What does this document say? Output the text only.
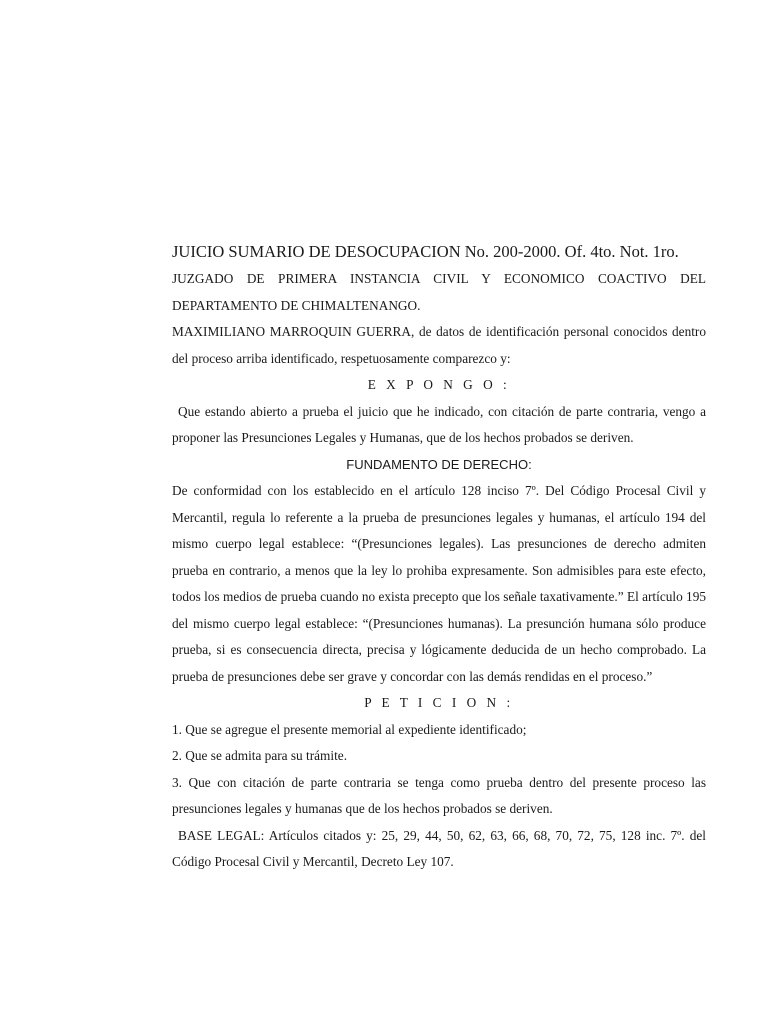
JUICIO SUMARIO DE DESOCUPACION No. 200-2000. Of. 4to. Not. 1ro.

JUZGADO DE PRIMERA INSTANCIA CIVIL Y ECONOMICO COACTIVO DEL DEPARTAMENTO DE CHIMALTENANGO.

MAXIMILIANO MARROQUIN GUERRA, de datos de identificación personal conocidos dentro del proceso arriba identificado, respetuosamente comparezco y:

E X P O N G O :

Que estando abierto a prueba el juicio que he indicado, con citación de parte contraria, vengo a proponer las Presunciones Legales y Humanas, que de los hechos probados se deriven.

FUNDAMENTO DE DERECHO:

De conformidad con los establecido en el artículo 128 inciso 7º. Del Código Procesal Civil y Mercantil, regula lo referente a la prueba de presunciones legales y humanas, el artículo 194 del mismo cuerpo legal establece: “(Presunciones legales). Las presunciones de derecho admiten prueba en contrario, a menos que la ley lo prohiba expresamente. Son admisibles para este efecto, todos los medios de prueba cuando no exista precepto que los señale taxativamente.” El artículo 195 del mismo cuerpo legal establece: “(Presunciones humanas). La presunción humana sólo produce prueba, si es consecuencia directa, precisa y lógicamente deducida de un hecho comprobado. La prueba de presunciones debe ser grave y concordar con las demás rendidas en el proceso.”

P E T I C I O N :

1. Que se agregue el presente memorial al expediente identificado;

2. Que se admita para su trámite.

3. Que con citación de parte contraria se tenga como prueba dentro del presente proceso las presunciones legales y humanas que de los hechos probados se deriven.

BASE LEGAL: Artículos citados y: 25, 29, 44, 50, 62, 63, 66, 68, 70, 72, 75, 128 inc. 7º. del Código Procesal Civil y Mercantil, Decreto Ley 107.
